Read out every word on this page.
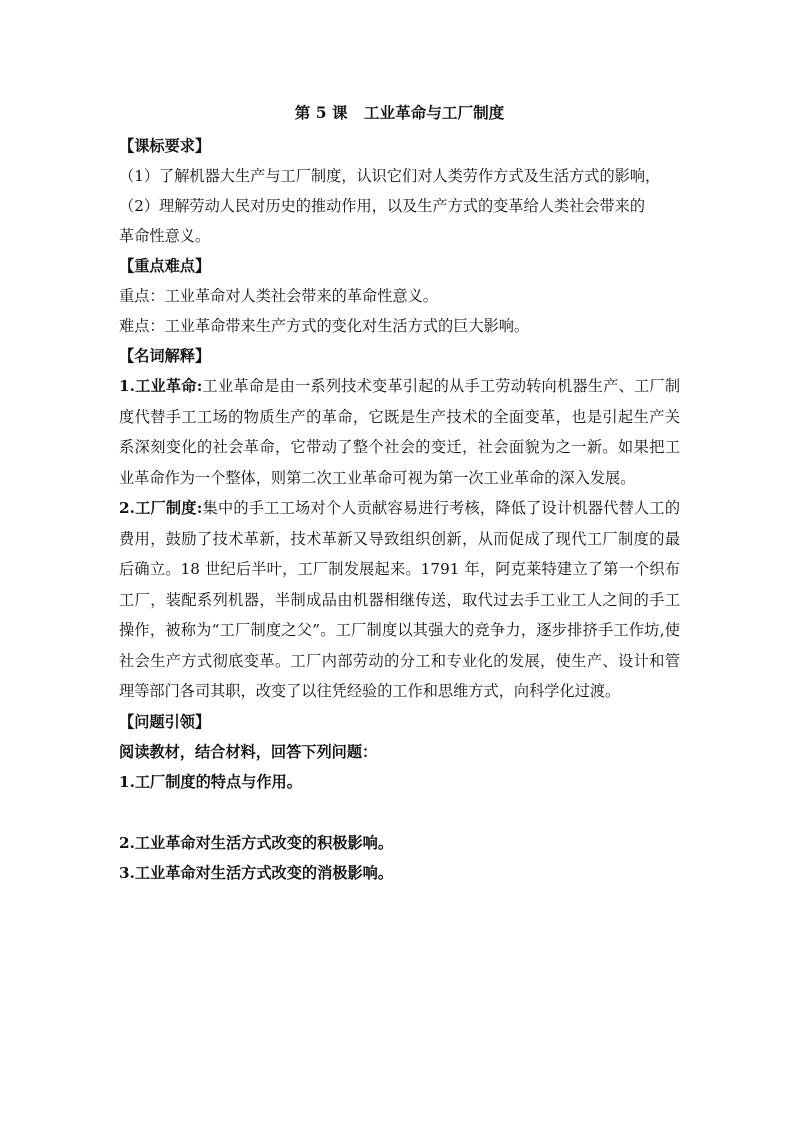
第 5 课   工业革命与工厂制度
【课标要求】
（1）了解机器大生产与工厂制度，认识它们对人类劳作方式及生活方式的影响，
（2）理解劳动人民对历史的推动作用，以及生产方式的变革给人类社会带来的
革命性意义。
【重点难点】
重点：工业革命对人类社会带来的革命性意义。
难点：工业革命带来生产方式的变化对生活方式的巨大影响。
【名词解释】
1.工业革命:工业革命是由一系列技术变革引起的从手工劳动转向机器生产、工厂制度代替手工工场的物质生产的革命，它既是生产技术的全面变革，也是引起生产关系深刻变化的社会革命，它带动了整个社会的变迁，社会面貌为之一新。如果把工业革命作为一个整体，则第二次工业革命可视为第一次工业革命的深入发展。
2.工厂制度:集中的手工工场对个人贡献容易进行考核，降低了设计机器代替人工的费用，鼓励了技术革新，技术革新又导致组织创新，从而促成了现代工厂制度的最后确立。18 世纪后半叶，工厂制发展起来。1791 年，阿克莱特建立了第一个织布工厂，装配系列机器，半制成品由机器相继传送，取代过去手工业工人之间的手工操作，被称为“工厂制度之父”。工厂制度以其强大的竞争力，逐步排挤手工作坊,使社会生产方式彻底变革。工厂内部劳动的分工和专业化的发展，使生产、设计和管理等部门各司其职，改变了以往凭经验的工作和思维方式，向科学化过渡。
【问题引领】
阅读教材，结合材料，回答下列问题：
1.工厂制度的特点与作用。
2.工业革命对生活方式改变的积极影响。
3.工业革命对生活方式改变的消极影响。
